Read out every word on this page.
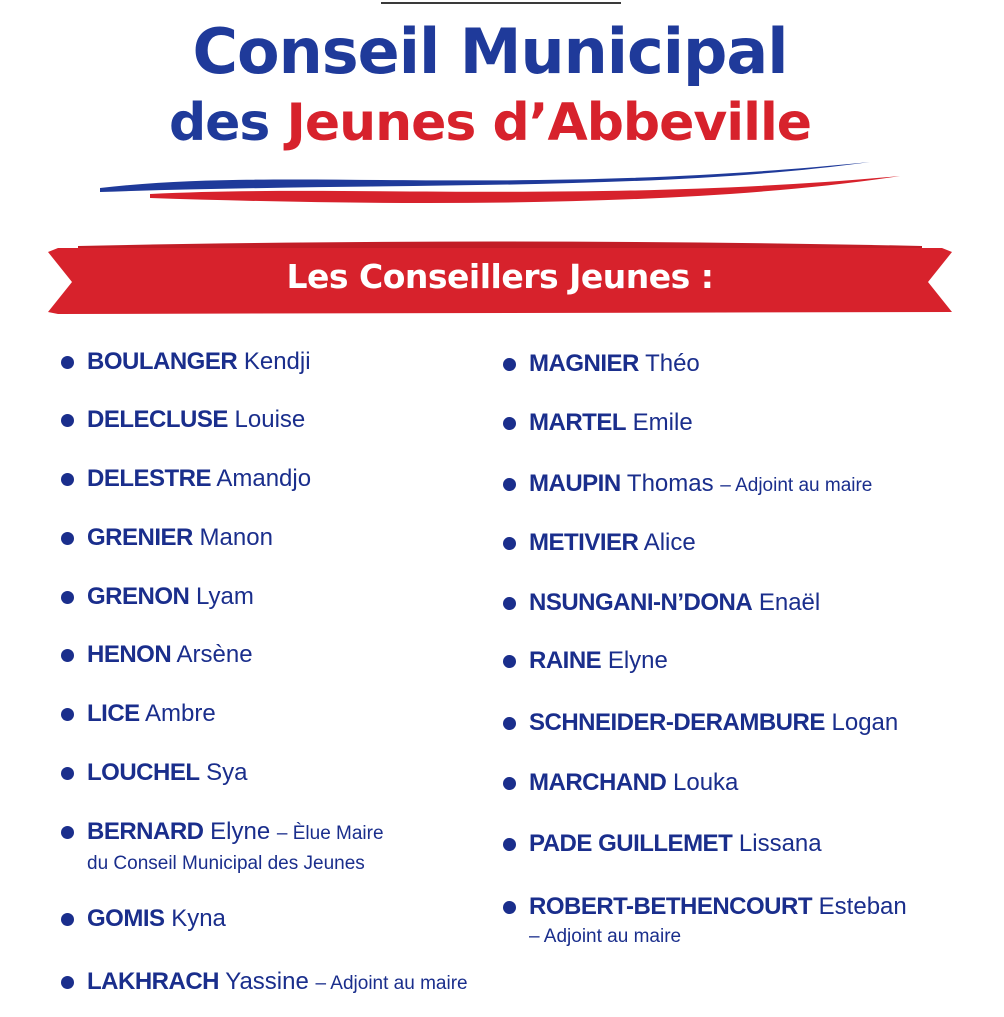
Conseil Municipal
des Jeunes d’Abbeville
Les Conseillers Jeunes :
BOULANGER Kendji
DELECLUSE Louise
DELESTRE Amandjo
GRENIER Manon
GRENON Lyam
HENON Arsène
LICE Ambre
LOUCHEL Sya
BERNARD Elyne – Èlue Maire
du Conseil Municipal des Jeunes
GOMIS Kyna
LAKHRACH Yassine – Adjoint au maire
MAGNIER Théo
MARTEL Emile
MAUPIN Thomas – Adjoint au maire
METIVIER Alice
NSUNGANI-N’DONA Enaël
RAINE Elyne
SCHNEIDER-DERAMBURE Logan
MARCHAND Louka
PADE GUILLEMET Lissana
ROBERT-BETHENCOURT Esteban
– Adjoint au maire
